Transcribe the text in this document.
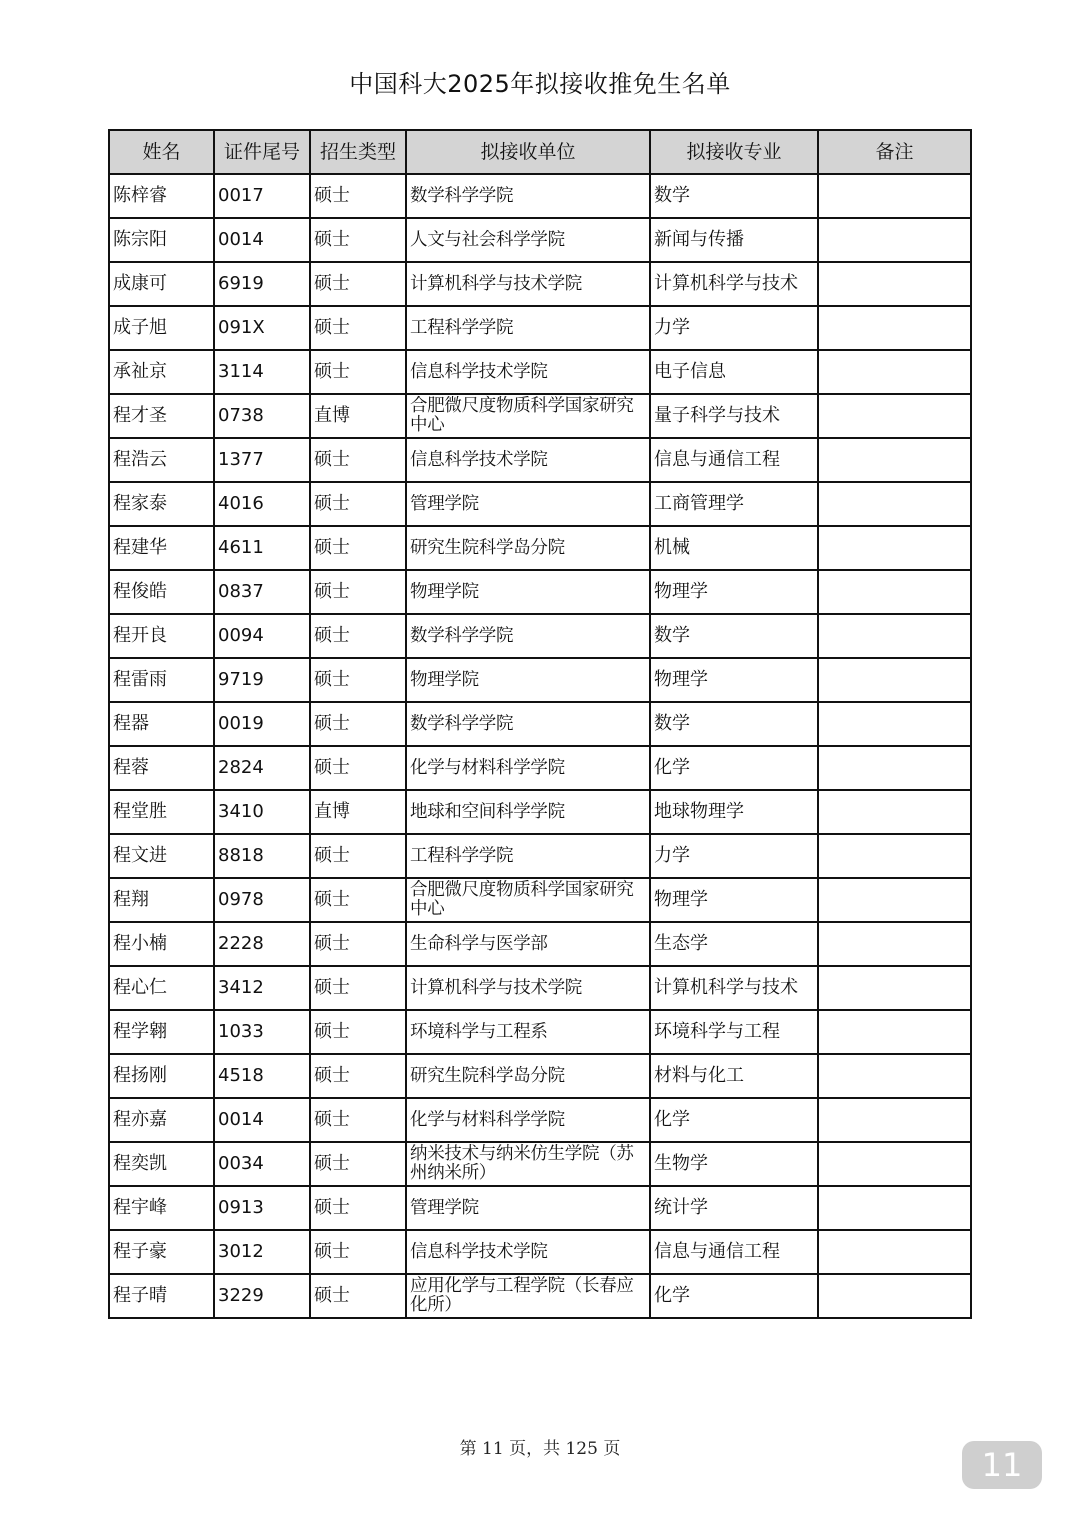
中国科大2025年拟接收推免生名单
姓名	证件尾号	招生类型	拟接收单位	拟接收专业	备注
陈梓睿	0017	硕士	数学科学学院	数学	
陈宗阳	0014	硕士	人文与社会科学学院	新闻与传播	
成康可	6919	硕士	计算机科学与技术学院	计算机科学与技术	
成子旭	091X	硕士	工程科学学院	力学	
承祉京	3114	硕士	信息科学技术学院	电子信息	
程才圣	0738	直博	合肥微尺度物质科学国家研究中心	量子科学与技术	
程浩云	1377	硕士	信息科学技术学院	信息与通信工程	
程家泰	4016	硕士	管理学院	工商管理学	
程建华	4611	硕士	研究生院科学岛分院	机械	
程俊皓	0837	硕士	物理学院	物理学	
程开良	0094	硕士	数学科学学院	数学	
程雷雨	9719	硕士	物理学院	物理学	
程器	0019	硕士	数学科学学院	数学	
程蓉	2824	硕士	化学与材料科学学院	化学	
程堂胜	3410	直博	地球和空间科学学院	地球物理学	
程文进	8818	硕士	工程科学学院	力学	
程翔	0978	硕士	合肥微尺度物质科学国家研究中心	物理学	
程小楠	2228	硕士	生命科学与医学部	生态学	
程心仁	3412	硕士	计算机科学与技术学院	计算机科学与技术	
程学翱	1033	硕士	环境科学与工程系	环境科学与工程	
程扬刚	4518	硕士	研究生院科学岛分院	材料与化工	
程亦嘉	0014	硕士	化学与材料科学学院	化学	
程奕凯	0034	硕士	纳米技术与纳米仿生学院（苏州纳米所）	生物学	
程宇峰	0913	硕士	管理学院	统计学	
程子豪	3012	硕士	信息科学技术学院	信息与通信工程	
程子晴	3229	硕士	应用化学与工程学院（长春应化所）	化学	
第 11 页，共 125 页	11
